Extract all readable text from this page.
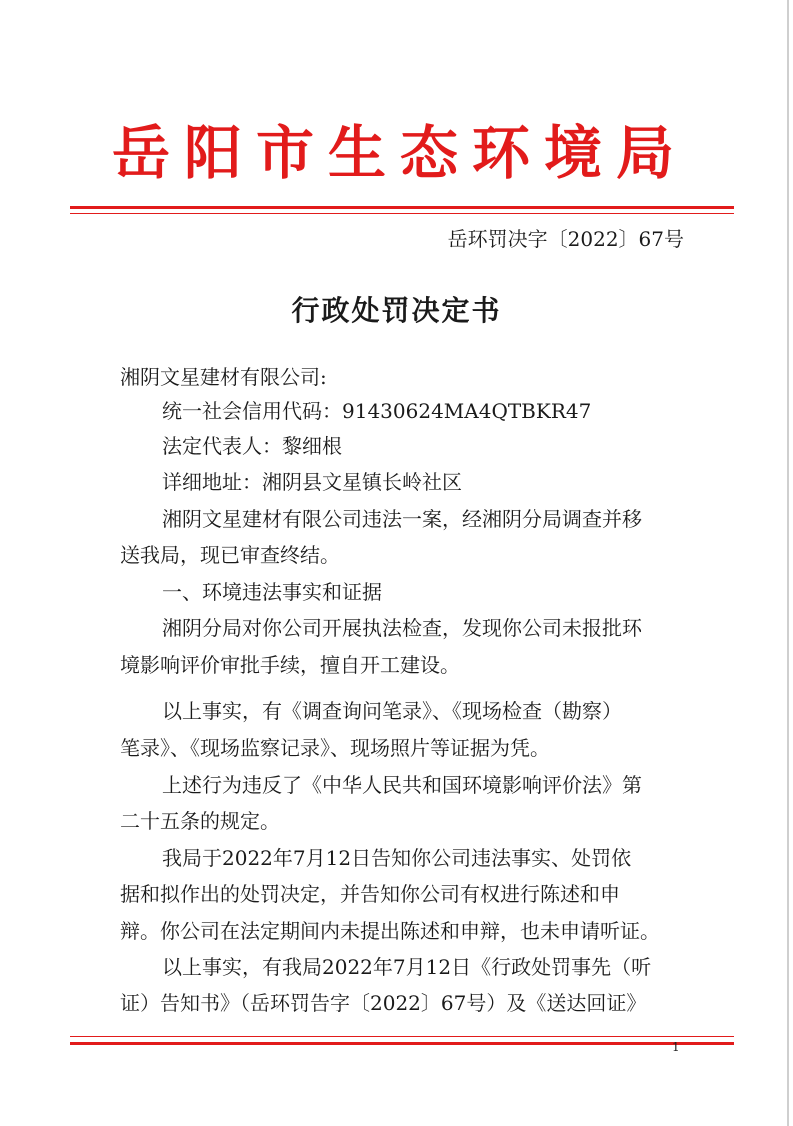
岳阳市生态环境局
岳环罚决字〔2022〕67号
行政处罚决定书
湘阴文星建材有限公司:
统一社会信用代码：91430624MA4QTBKR47
法定代表人：黎细根
详细地址：湘阴县文星镇长岭社区
湘阴文星建材有限公司违法一案，经湘阴分局调查并移
送我局，现已审查终结。
一、环境违法事实和证据
湘阴分局对你公司开展执法检查，发现你公司未报批环
境影响评价审批手续，擅自开工建设。
以上事实，有《调查询问笔录》、《现场检查（勘察）
笔录》、《现场监察记录》、现场照片等证据为凭。
上述行为违反了《中华人民共和国环境影响评价法》第
二十五条的规定。
我局于2022年7月12日告知你公司违法事实、处罚依
据和拟作出的处罚决定，并告知你公司有权进行陈述和申
辩。你公司在法定期间内未提出陈述和申辩，也未申请听证。
以上事实，有我局2022年7月12日《行政处罚事先（听
证）告知书》（岳环罚告字〔2022〕67号）及《送达回证》
1
